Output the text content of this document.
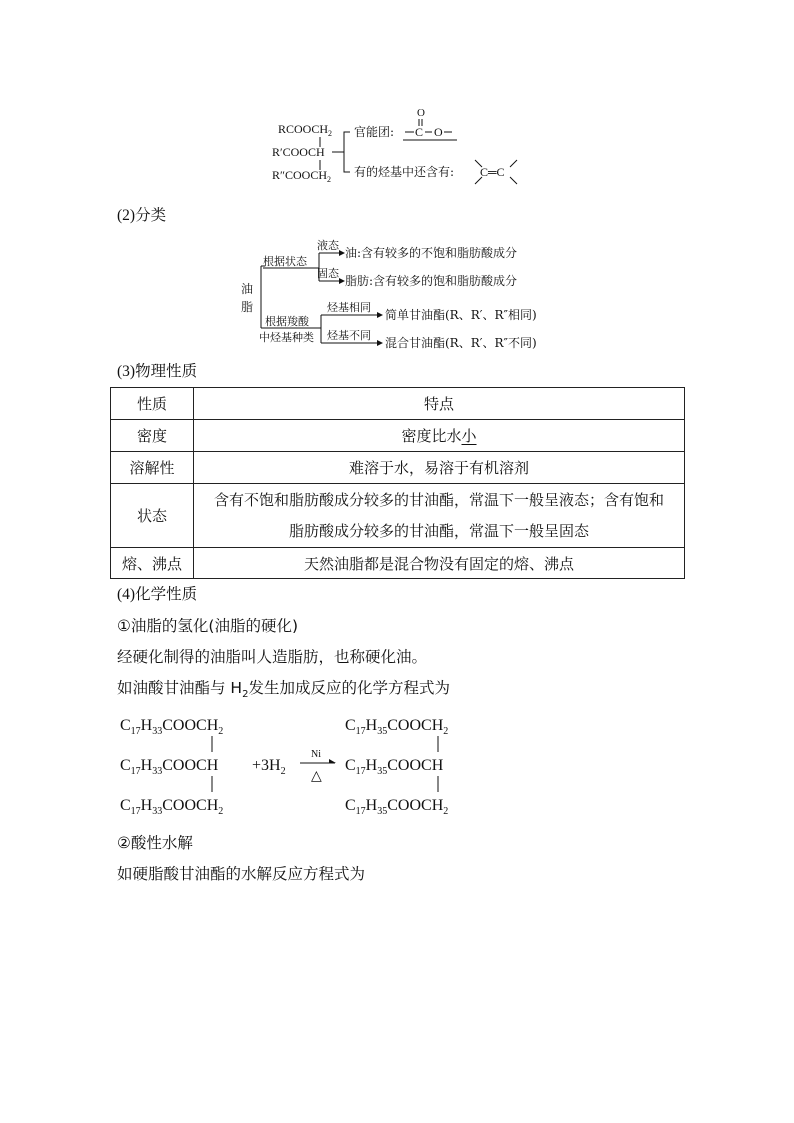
$RCOOCH_2$
R′COOCH
$R''COOCH_2$
官能团:
O
C O
有的烃基中还含有: C═C
(2)分类
油
脂
根据状态
液态
油:含有较多的不饱和脂肪酸成分
固态
脂肪:含有较多的饱和脂肪酸成分
根据羧酸
中烃基种类
烃基相同
简单甘油酯(R、R′、R″相同)
烃基不同
混合甘油酯(R、R′、R″不同)
(3)物理性质
性质	特点
密度	密度比水小
溶解性	难溶于水，易溶于有机溶剂
状态	含有不饱和脂肪酸成分较多的甘油酯，常温下一般呈液态；含有饱和
脂肪酸成分较多的甘油酯，常温下一般呈固态

熔、沸点	天然油脂都是混合物没有固定的熔、沸点
(4)化学性质
①油脂的氢化(油脂的硬化)
经硬化制得的油脂叫人造脂肪，也称硬化油。
如油酸甘油酯与 $H_2$发生加成反应的化学方程式为
$C_{17}H_{33}COOCH_2$
$C_{17}H_{33}COOCH$
$C_{17}H_{33}COOCH_2$
$+3H_2$
Ni
△
$C_{17}H_{35}COOCH_2$
$C_{17}H_{35}COOCH$
$C_{17}H_{35}COOCH_2$
②酸性水解
如硬脂酸甘油酯的水解反应方程式为
